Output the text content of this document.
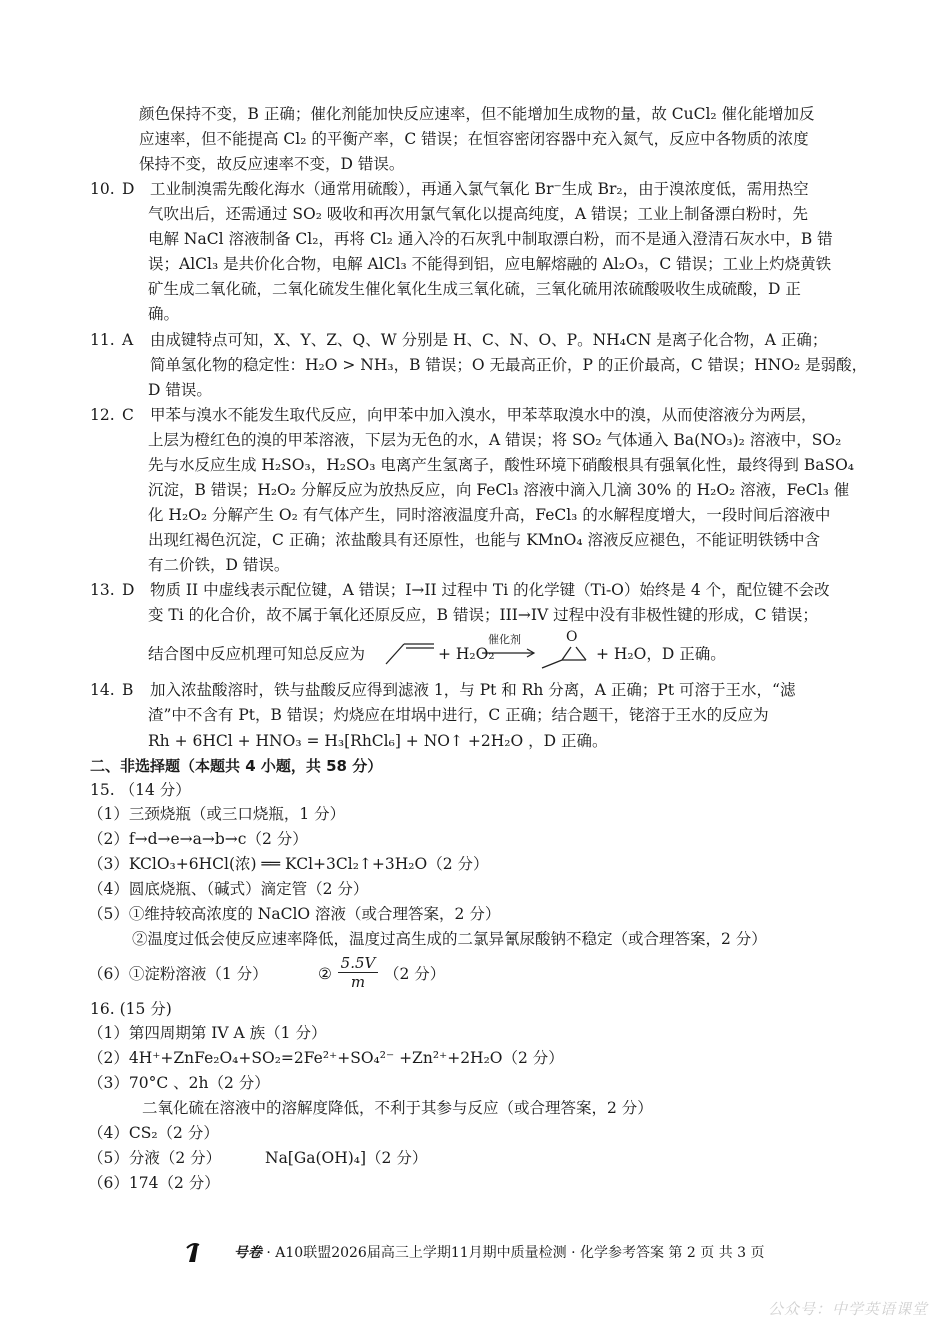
颜色保持不变，B 正确；催化剂能加快反应速率，但不能增加生成物的量，故 CuCl₂ 催化能增加反
应速率，但不能提高 Cl₂ 的平衡产率，C 错误；在恒容密闭容器中充入氮气，反应中各物质的浓度
保持不变，故反应速率不变，D 错误。
10. D 工业制溴需先酸化海水（通常用硫酸），再通入氯气氧化 Br⁻生成 Br₂，由于溴浓度低，需用热空
气吹出后，还需通过 SO₂ 吸收和再次用氯气氧化以提高纯度，A 错误；工业上制备漂白粉时，先
电解 NaCl 溶液制备 Cl₂，再将 Cl₂ 通入冷的石灰乳中制取漂白粉，而不是通入澄清石灰水中，B 错
误；AlCl₃ 是共价化合物，电解 AlCl₃ 不能得到铝，应电解熔融的 Al₂O₃，C 错误；工业上灼烧黄铁
矿生成二氧化硫，二氧化硫发生催化氧化生成三氧化硫，三氧化硫用浓硫酸吸收生成硫酸，D 正
确。
11. A 由成键特点可知，X、Y、Z、Q、W 分别是 H、C、N、O、P。NH₄CN 是离子化合物，A 正确；
简单氢化物的稳定性：H₂O > NH₃，B 错误；O 无最高正价，P 的正价最高，C 错误；HNO₂ 是弱酸，
D 错误。
12. C 甲苯与溴水不能发生取代反应，向甲苯中加入溴水，甲苯萃取溴水中的溴，从而使溶液分为两层，
上层为橙红色的溴的甲苯溶液，下层为无色的水，A 错误；将 SO₂ 气体通入 Ba(NO₃)₂ 溶液中，SO₂
先与水反应生成 H₂SO₃，H₂SO₃ 电离产生氢离子，酸性环境下硝酸根具有强氧化性，最终得到 BaSO₄
沉淀，B 错误；H₂O₂ 分解反应为放热反应，向 FeCl₃ 溶液中滴入几滴 30% 的 H₂O₂ 溶液，FeCl₃ 催
化 H₂O₂ 分解产生 O₂ 有气体产生，同时溶液温度升高，FeCl₃ 的水解程度增大，一段时间后溶液中
出现红褐色沉淀，C 正确；浓盐酸具有还原性，也能与 KMnO₄ 溶液反应褪色，不能证明铁锈中含
有二价铁，D 错误。
13. D 物质 II 中虚线表示配位键，A 错误；I→II 过程中 Ti 的化学键（Ti-O）始终是 4 个，配位键不会改
变 Ti 的化合价，故不属于氧化还原反应，B 错误；III→IV 过程中没有非极性键的形成，C 错误；
结合图中反应机理可知总反应为	+ H₂O₂
催化剂	O
+ H₂O，D 正确。
14. B 加入浓盐酸溶时，铁与盐酸反应得到滤液 1，与 Pt 和 Rh 分离，A 正确；Pt 可溶于王水，“滤
渣”中不含有 Pt，B 错误；灼烧应在坩埚中进行，C 正确；结合题干，铑溶于王水的反应为
Rh + 6HCl + HNO₃ = H₃[RhCl₆] + NO↑ +2H₂O ，D 正确。
二、非选择题（本题共 4 小题，共 58 分）
15. （14 分）
（1）三颈烧瓶（或三口烧瓶，1 分）
（2）f→d→e→a→b→c（2 分）
（3）KClO₃+6HCl(浓) ══ KCl+3Cl₂↑+3H₂O（2 分）
（4）圆底烧瓶、（碱式）滴定管（2 分）
（5）①维持较高浓度的 NaClO 溶液（或合理答案，2 分）
②温度过低会使反应速率降低，温度过高生成的二氯异氰尿酸钠不稳定（或合理答案，2 分）
（6）①淀粉溶液（1 分）	② $\frac{5.5V}{m} (2$ 分）
16. (15 分)
（1）第四周期第 IV A 族（1 分）
（2）4H⁺+ZnFe₂O₄+SO₂=2Fe²⁺+SO₄²⁻ +Zn²⁺+2H₂O（2 分）
（3）70°C 、2h（2 分）
二氧化硫在溶液中的溶解度降低，不利于其参与反应（或合理答案，2 分）
（4）CS₂（2 分）
（5）分液（2 分）	Na[Ga(OH)₄]（2 分）
（6）174（2 分）
号卷 · A10联盟2026届高三上学期11月期中质量检测 · 化学参考答案 第 2 页 共 3 页
公众号：中学英语课堂
